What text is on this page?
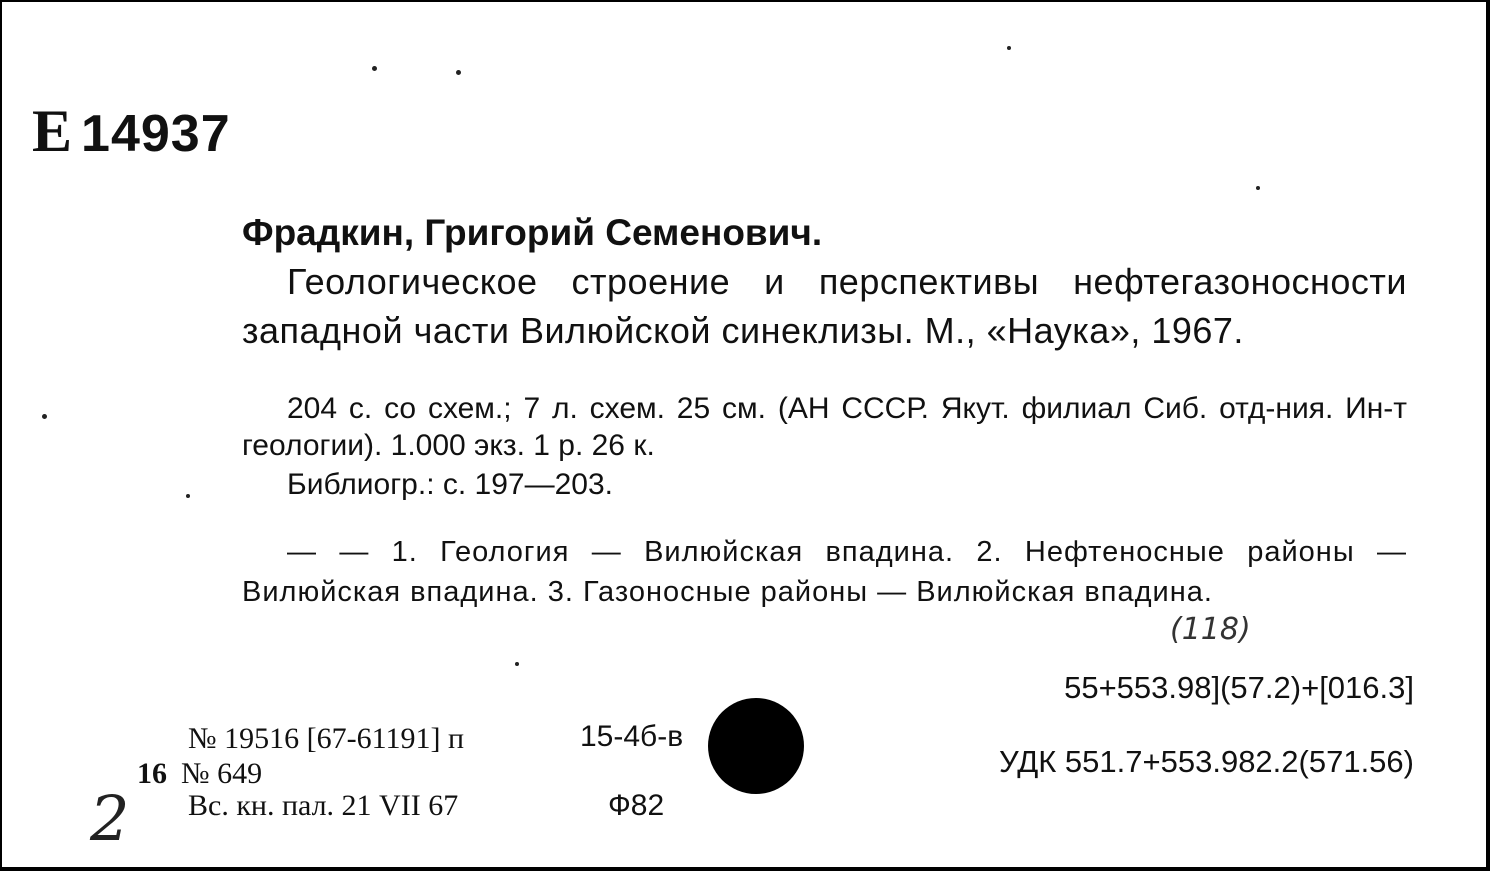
Е 14937
Фрадкин, Григорий Семенович.
Геологическое строение и перспективы нефтегазоносности западной части Вилюйской синеклизы. М., «Наука», 1967.
204 с. со схем.; 7 л. схем. 25 см. (АН СССР. Якут. филиал Сиб. отд-ния. Ин-т геологии). 1.000 экз. 1 р. 26 к.
Библиогр.: с. 197—203.
— — 1. Геология — Вилюйская впадина. 2. Нефтеносные районы — Вилюйская впадина. 3. Газоносные районы — Вилюйская впадина.
(118)
55+553.98](57.2)+[016.3]
УДК 551.7+553.982.2(571.56)
№ 19516 [67-61191] п
16 № 649
Вс. кн. пал. 21 VII 67
15-4б-в
Ф82
2
